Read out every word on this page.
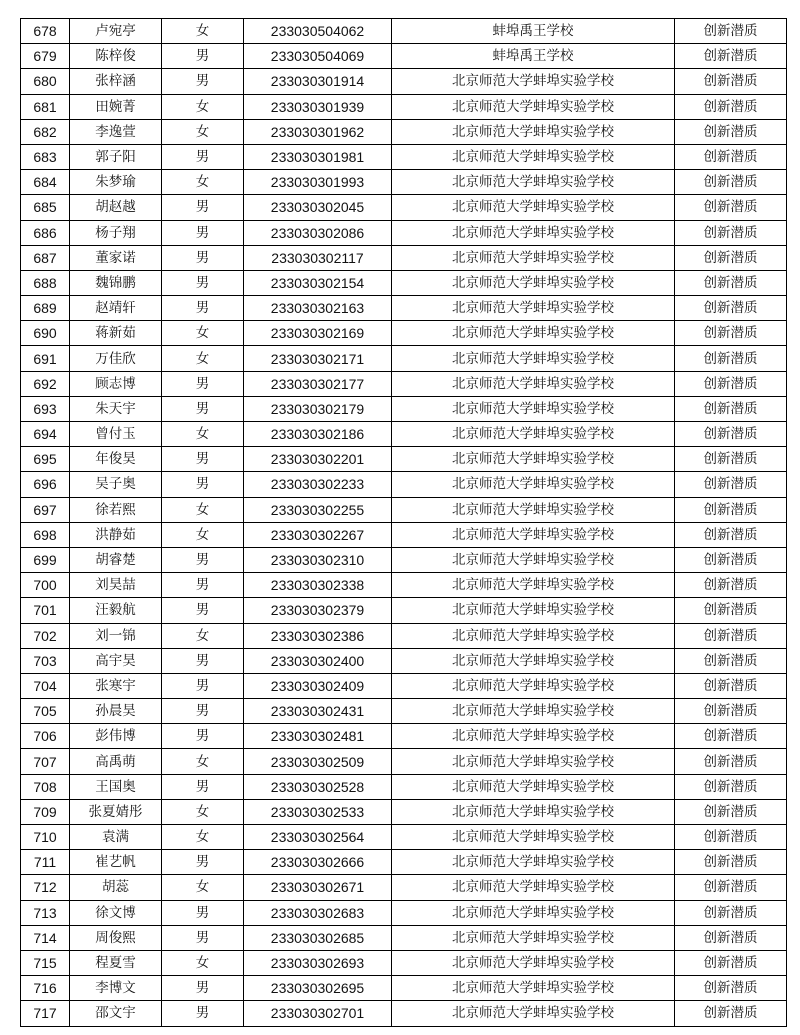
678	卢宛亭	女	233030504062	蚌埠禹王学校	创新潜质
679	陈梓俊	男	233030504069	蚌埠禹王学校	创新潜质
680	张梓涵	男	233030301914	北京师范大学蚌埠实验学校	创新潜质
681	田婉菁	女	233030301939	北京师范大学蚌埠实验学校	创新潜质
682	李逸萱	女	233030301962	北京师范大学蚌埠实验学校	创新潜质
683	郭子阳	男	233030301981	北京师范大学蚌埠实验学校	创新潜质
684	朱梦瑜	女	233030301993	北京师范大学蚌埠实验学校	创新潜质
685	胡赵越	男	233030302045	北京师范大学蚌埠实验学校	创新潜质
686	杨子翔	男	233030302086	北京师范大学蚌埠实验学校	创新潜质
687	董家诺	男	233030302117	北京师范大学蚌埠实验学校	创新潜质
688	魏锦鹏	男	233030302154	北京师范大学蚌埠实验学校	创新潜质
689	赵靖轩	男	233030302163	北京师范大学蚌埠实验学校	创新潜质
690	蒋新茹	女	233030302169	北京师范大学蚌埠实验学校	创新潜质
691	万佳欣	女	233030302171	北京师范大学蚌埠实验学校	创新潜质
692	顾志博	男	233030302177	北京师范大学蚌埠实验学校	创新潜质
693	朱天宇	男	233030302179	北京师范大学蚌埠实验学校	创新潜质
694	曾付玉	女	233030302186	北京师范大学蚌埠实验学校	创新潜质
695	年俊昊	男	233030302201	北京师范大学蚌埠实验学校	创新潜质
696	吴子奥	男	233030302233	北京师范大学蚌埠实验学校	创新潜质
697	徐若熙	女	233030302255	北京师范大学蚌埠实验学校	创新潜质
698	洪静茹	女	233030302267	北京师范大学蚌埠实验学校	创新潜质
699	胡睿楚	男	233030302310	北京师范大学蚌埠实验学校	创新潜质
700	刘昊喆	男	233030302338	北京师范大学蚌埠实验学校	创新潜质
701	汪毅航	男	233030302379	北京师范大学蚌埠实验学校	创新潜质
702	刘一锦	女	233030302386	北京师范大学蚌埠实验学校	创新潜质
703	高宇昊	男	233030302400	北京师范大学蚌埠实验学校	创新潜质
704	张寒宇	男	233030302409	北京师范大学蚌埠实验学校	创新潜质
705	孙晨昊	男	233030302431	北京师范大学蚌埠实验学校	创新潜质
706	彭伟博	男	233030302481	北京师范大学蚌埠实验学校	创新潜质
707	高禹萌	女	233030302509	北京师范大学蚌埠实验学校	创新潜质
708	王国奥	男	233030302528	北京师范大学蚌埠实验学校	创新潜质
709	张夏婧彤	女	233030302533	北京师范大学蚌埠实验学校	创新潜质
710	袁满	女	233030302564	北京师范大学蚌埠实验学校	创新潜质
711	崔艺帆	男	233030302666	北京师范大学蚌埠实验学校	创新潜质
712	胡蕊	女	233030302671	北京师范大学蚌埠实验学校	创新潜质
713	徐文博	男	233030302683	北京师范大学蚌埠实验学校	创新潜质
714	周俊熙	男	233030302685	北京师范大学蚌埠实验学校	创新潜质
715	程夏雪	女	233030302693	北京师范大学蚌埠实验学校	创新潜质
716	李博文	男	233030302695	北京师范大学蚌埠实验学校	创新潜质
717	邵文宇	男	233030302701	北京师范大学蚌埠实验学校	创新潜质
